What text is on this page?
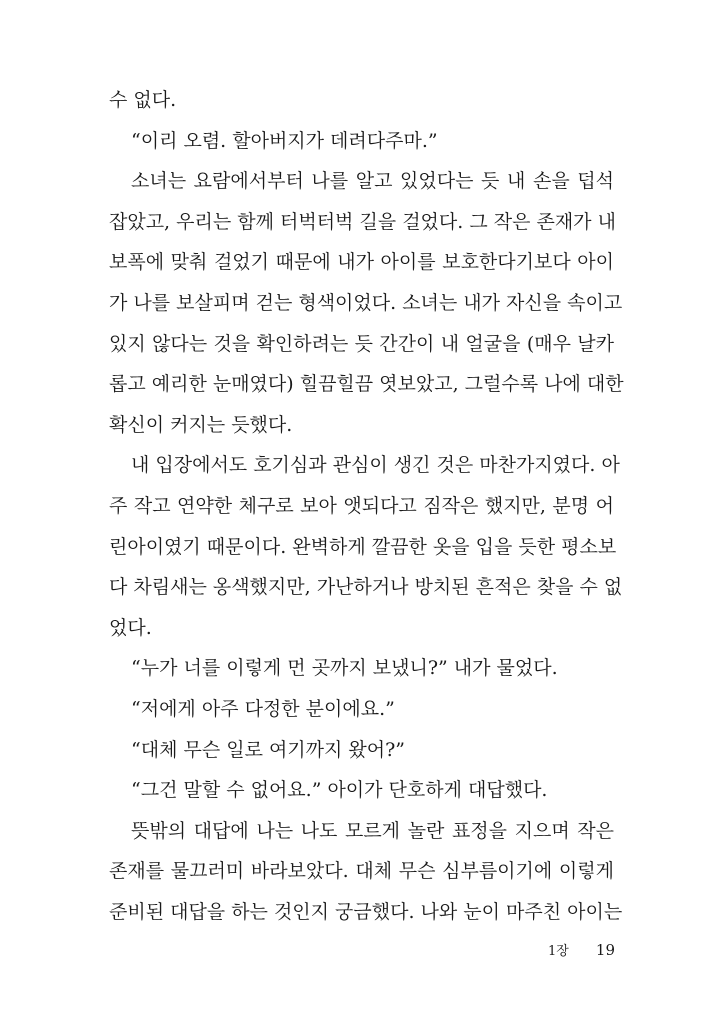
수 없다.
“이리 오렴. 할아버지가 데려다주마.”
소녀는 요람에서부터 나를 알고 있었다는 듯 내 손을 덥석
잡았고, 우리는 함께 터벅터벅 길을 걸었다. 그 작은 존재가 내
보폭에 맞춰 걸었기 때문에 내가 아이를 보호한다기보다 아이
가 나를 보살피며 걷는 형색이었다. 소녀는 내가 자신을 속이고
있지 않다는 것을 확인하려는 듯 간간이 내 얼굴을 (매우 날카
롭고 예리한 눈매였다) 힐끔힐끔 엿보았고, 그럴수록 나에 대한
확신이 커지는 듯했다.
내 입장에서도 호기심과 관심이 생긴 것은 마찬가지였다. 아
주 작고 연약한 체구로 보아 앳되다고 짐작은 했지만, 분명 어
린아이였기 때문이다. 완벽하게 깔끔한 옷을 입을 듯한 평소보
다 차림새는 옹색했지만, 가난하거나 방치된 흔적은 찾을 수 없
었다.
“누가 너를 이렇게 먼 곳까지 보냈니?” 내가 물었다.
“저에게 아주 다정한 분이에요.”
“대체 무슨 일로 여기까지 왔어?”
“그건 말할 수 없어요.” 아이가 단호하게 대답했다.
뜻밖의 대답에 나는 나도 모르게 놀란 표정을 지으며 작은
존재를 물끄러미 바라보았다. 대체 무슨 심부름이기에 이렇게
준비된 대답을 하는 것인지 궁금했다. 나와 눈이 마주친 아이는
1장 19
